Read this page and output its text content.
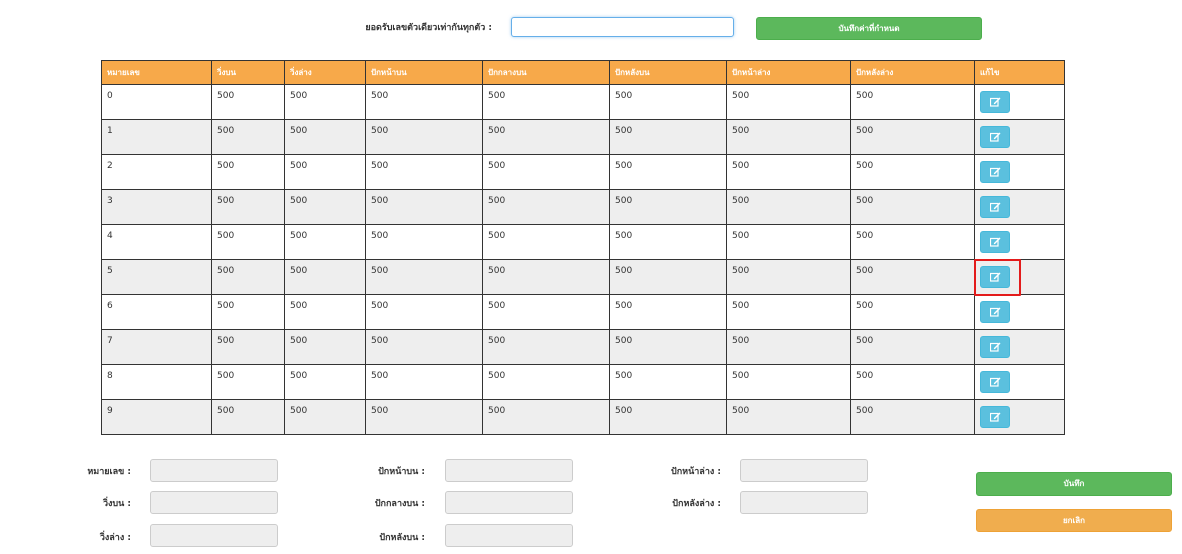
ยอดรับเลขตัวเดียวเท่ากันทุกตัว :	บันทึกค่าที่กำหนด
หมายเลข	วิ่งบน	วิ่งล่าง	ปักหน้าบน	ปักกลางบน	ปักหลังบน	ปักหน้าล่าง	ปักหลังล่าง	แก้ไข
0	500	500	500	500	500	500	500	

1	500	500	500	500	500	500	500	

2	500	500	500	500	500	500	500	

3	500	500	500	500	500	500	500	

4	500	500	500	500	500	500	500	

5	500	500	500	500	500	500	500	

6	500	500	500	500	500	500	500	

7	500	500	500	500	500	500	500	

8	500	500	500	500	500	500	500	

9	500	500	500	500	500	500	500	
หมายเลข :
วิ่งบน :
วิ่งล่าง :
ปักหน้าบน :
ปักกลางบน :
ปักหลังบน :
ปักหน้าล่าง :
ปักหลังล่าง :
บันทึก
ยกเลิก
